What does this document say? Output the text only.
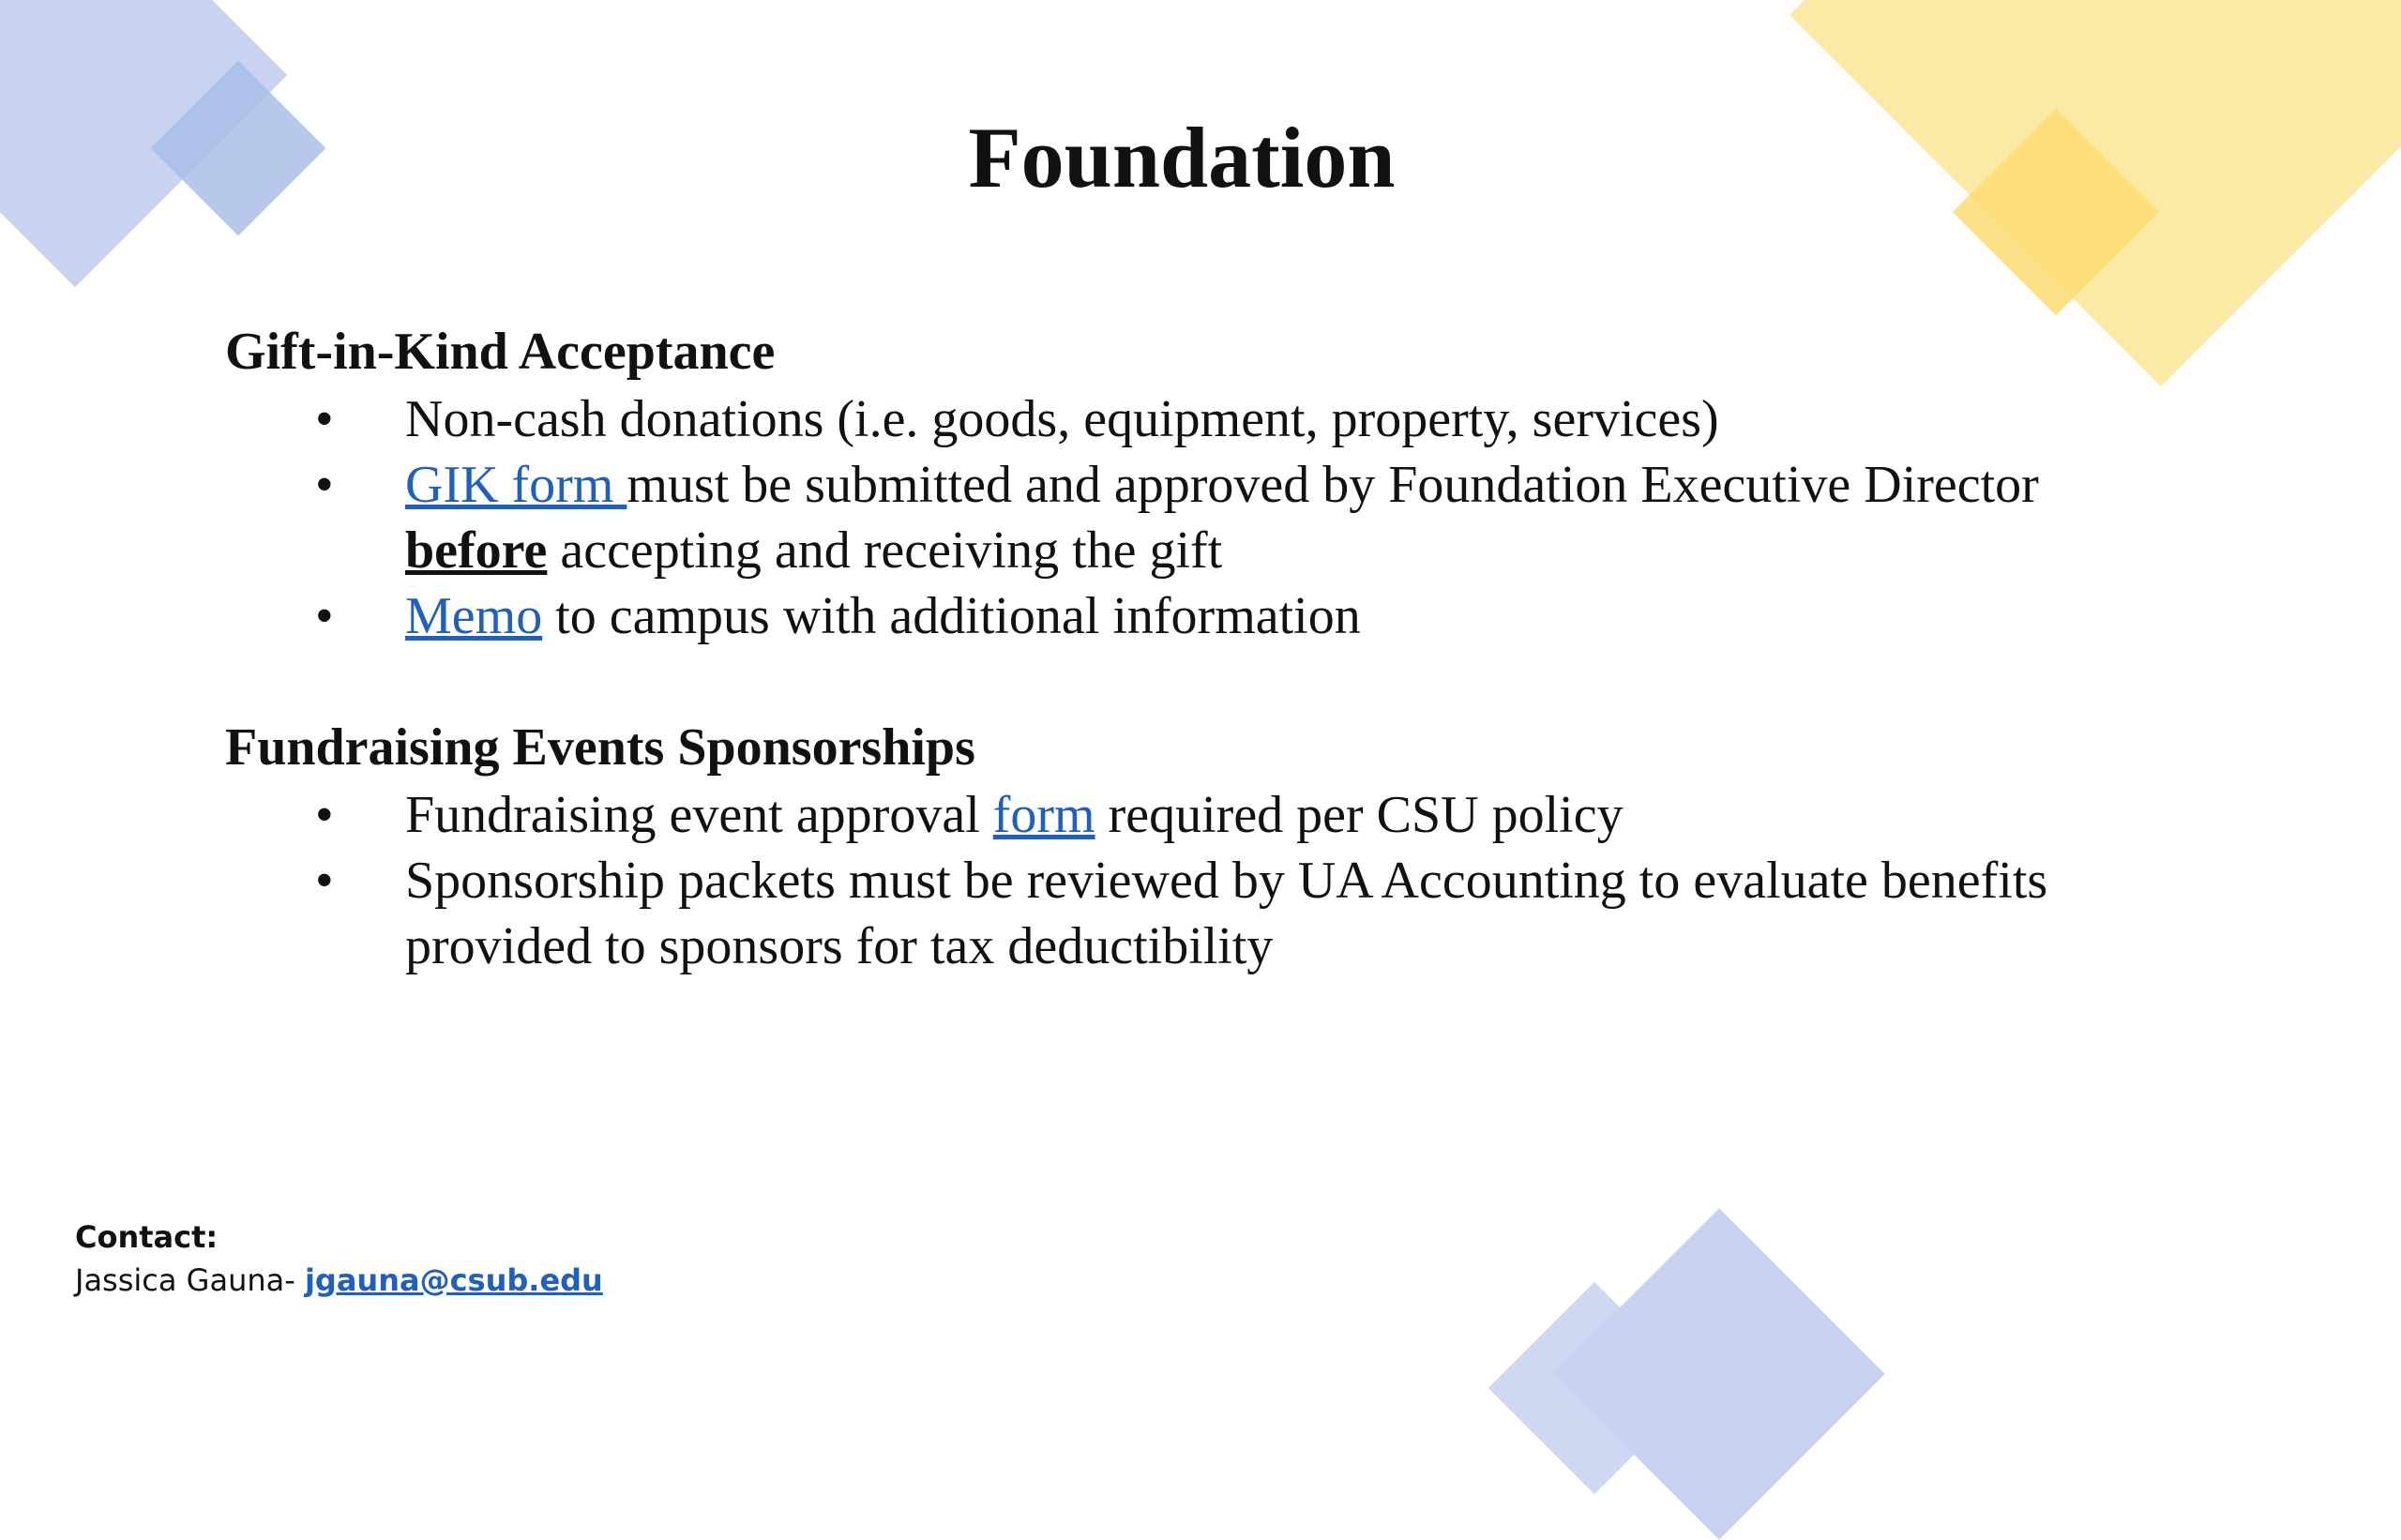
Foundation
Gift-in-Kind Acceptance
• Non-cash donations (i.e. goods, equipment, property, services)
• GIK form must be submitted and approved by Foundation Executive Director
before accepting and receiving the gift
• Memo to campus with additional information
Fundraising Events Sponsorships
• Fundraising event approval form required per CSU policy
• Sponsorship packets must be reviewed by UA Accounting to evaluate benefits provided to sponsors for tax deductibility
Contact:
Jassica Gauna- jgauna@csub.edu
